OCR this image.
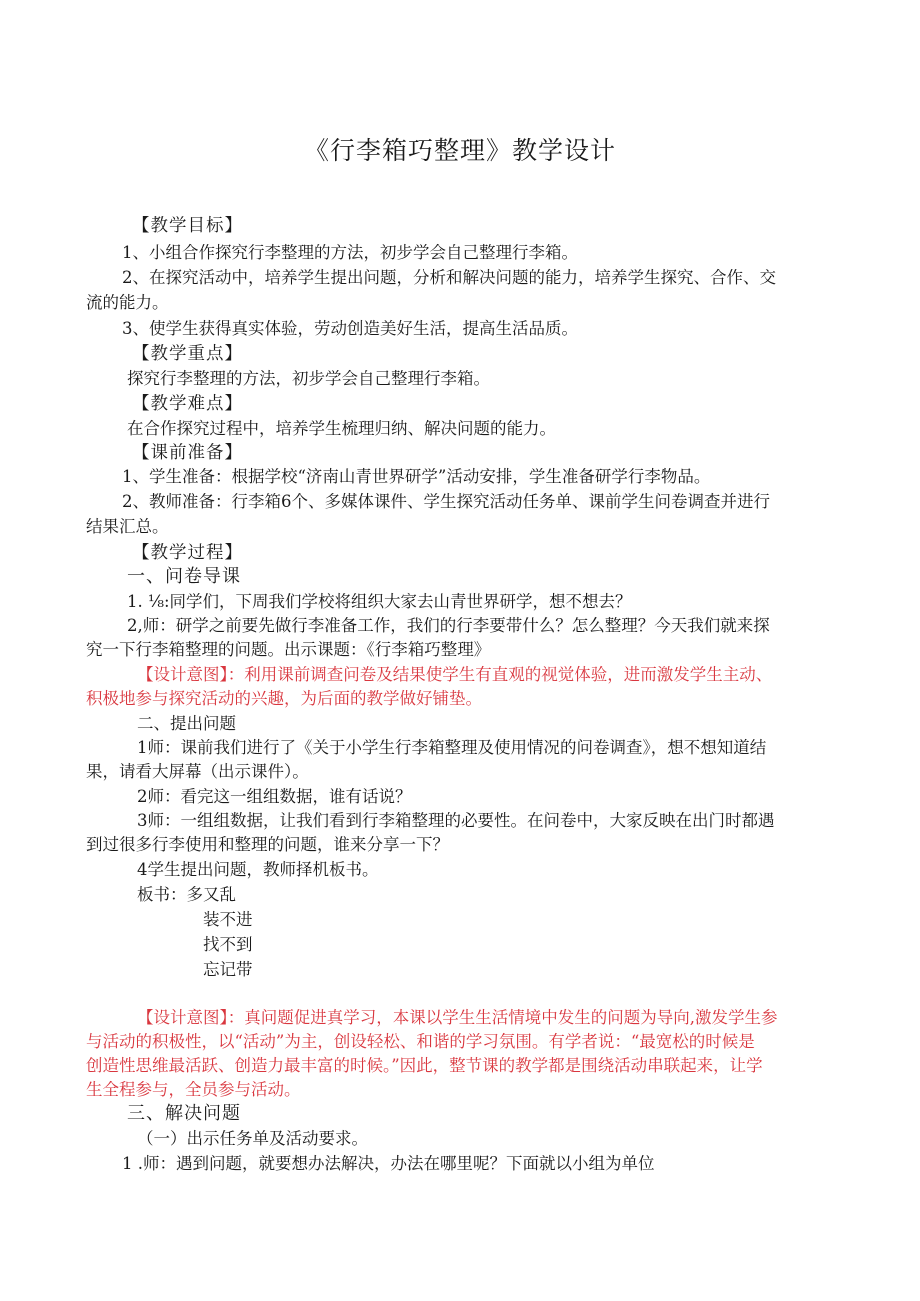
《行李箱巧整理》教学设计
【教学目标】
1、小组合作探究行李整理的方法，初步学会自己整理行李箱。
2、在探究活动中，培养学生提出问题，分析和解决问题的能力，培养学生探究、合作、交
流的能力。
3、使学生获得真实体验，劳动创造美好生活，提高生活品质。
【教学重点】
探究行李整理的方法，初步学会自己整理行李箱。
【教学难点】
在合作探究过程中，培养学生梳理归纳、解决问题的能力。
【课前准备】
1、学生准备：根据学校“济南山青世界研学”活动安排，学生准备研学行李物品。
2、教师准备：行李箱6个、多媒体课件、学生探究活动任务单、课前学生问卷调查并进行
结果汇总。
【教学过程】
一、问卷导课
1. ⅛:同学们，下周我们学校将组织大家去山青世界研学，想不想去？
2,师：研学之前要先做行李准备工作，我们的行李要带什么？怎么整理？今天我们就来探
究一下行李箱整理的问题。出示课题：《行李箱巧整理》
【设计意图】：利用课前调查问卷及结果使学生有直观的视觉体验，进而激发学生主动、
积极地参与探究活动的兴趣，为后面的教学做好铺垫。
二、提出问题
1师：课前我们进行了《关于小学生行李箱整理及使用情况的问卷调查》，想不想知道结
果，请看大屏幕（出示课件）。
2师：看完这一组组数据，谁有话说？
3师：一组组数据，让我们看到行李箱整理的必要性。在问卷中，大家反映在出门时都遇
到过很多行李使用和整理的问题，谁来分享一下？
4学生提出问题，教师择机板书。
板书：多又乱
装不进
找不到
忘记带
【设计意图】：真问题促进真学习，本课以学生生活情境中发生的问题为导向,激发学生参
与活动的积极性，以“活动”为主，创设轻松、和谐的学习氛围。有学者说：“最宽松的时候是
创造性思维最活跃、创造力最丰富的时候。”因此，整节课的教学都是围绕活动串联起来，让学
生全程参与，全员参与活动。
三、解决问题
（一）出示任务单及活动要求。
1 .师：遇到问题，就要想办法解决，办法在哪里呢？下面就以小组为单位
